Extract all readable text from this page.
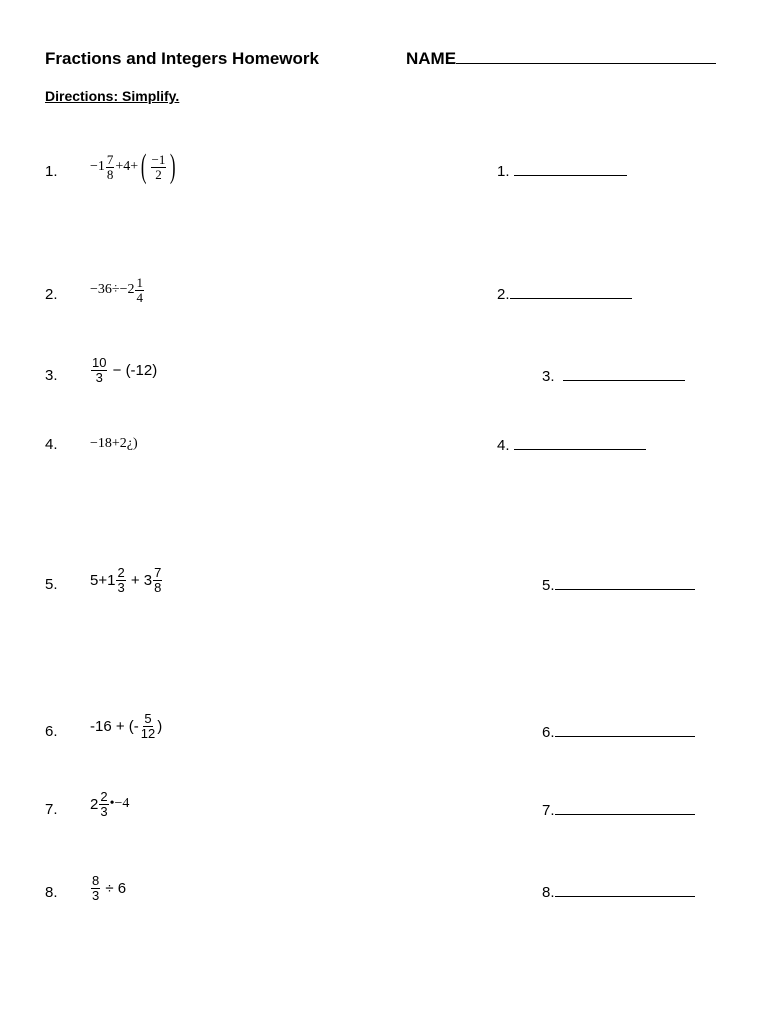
Fractions and Integers Homework	NAME
Directions: Simplify.
1. $-1 \frac{7}{8} +4+$ ( $\frac{-1}{2}$ )	1.
2. $-36\div-2 \frac{1}{4}$	2.
3.	$\frac{10}{3} - (-12)$	3.
4. −18+2¿)	4.
5. $5+1 \frac{2}{3} + 3 \frac{7}{8}$	5.
6. -16 + (- $\frac{5}{12}$ )	6.
7. $2 \frac{2}{3}$ •−4	7.
8.	$\frac{8}{3} \div 6$	8.
